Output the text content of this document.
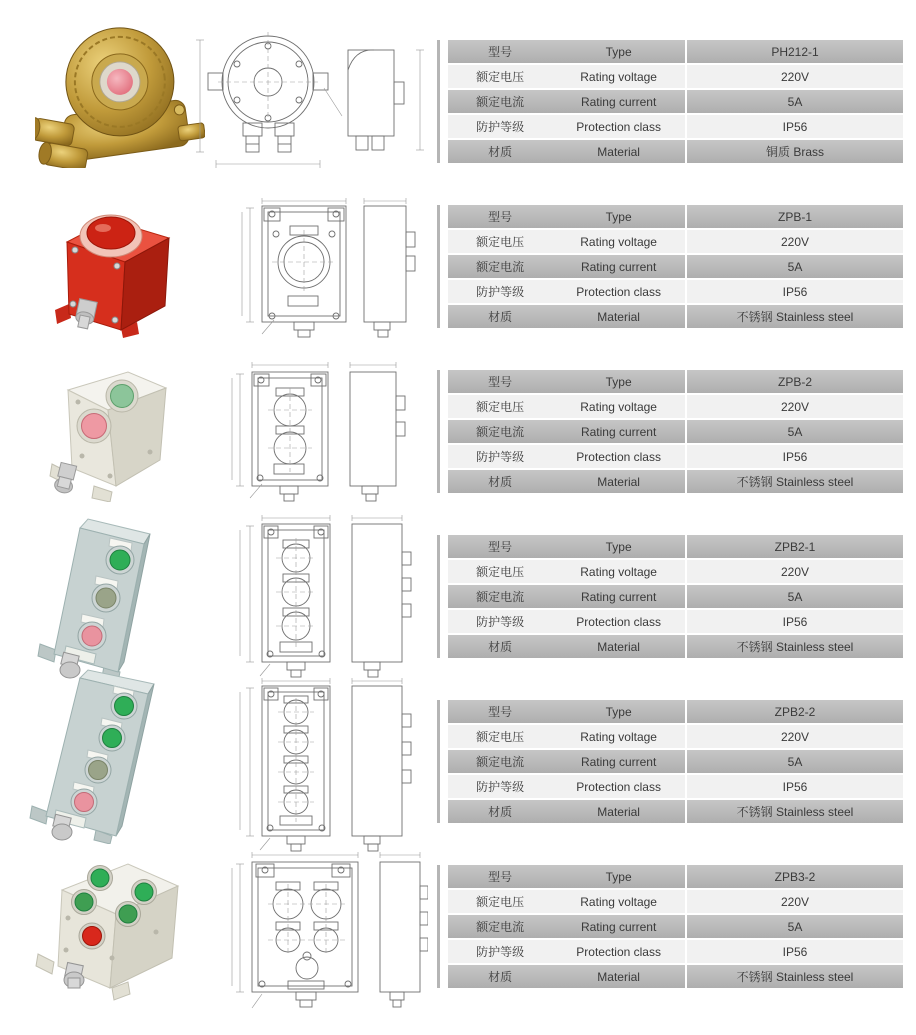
型号	Type	PH212-1
额定电压	Rating voltage	220V
额定电流	Rating current	5A
防护等级	Protection class	IP56
材质	Material	铜质 Brass
型号	Type	ZPB-1
额定电压	Rating voltage	220V
额定电流	Rating current	5A
防护等级	Protection class	IP56
材质	Material	不锈钢 Stainless steel
型号	Type	ZPB-2
额定电压	Rating voltage	220V
额定电流	Rating current	5A
防护等级	Protection class	IP56
材质	Material	不锈钢 Stainless steel
型号	Type	ZPB2-1
额定电压	Rating voltage	220V
额定电流	Rating current	5A
防护等级	Protection class	IP56
材质	Material	不锈钢 Stainless steel
型号	Type	ZPB2-2
额定电压	Rating voltage	220V
额定电流	Rating current	5A
防护等级	Protection class	IP56
材质	Material	不锈钢 Stainless steel
型号	Type	ZPB3-2
额定电压	Rating voltage	220V
额定电流	Rating current	5A
防护等级	Protection class	IP56
材质	Material	不锈钢 Stainless steel
